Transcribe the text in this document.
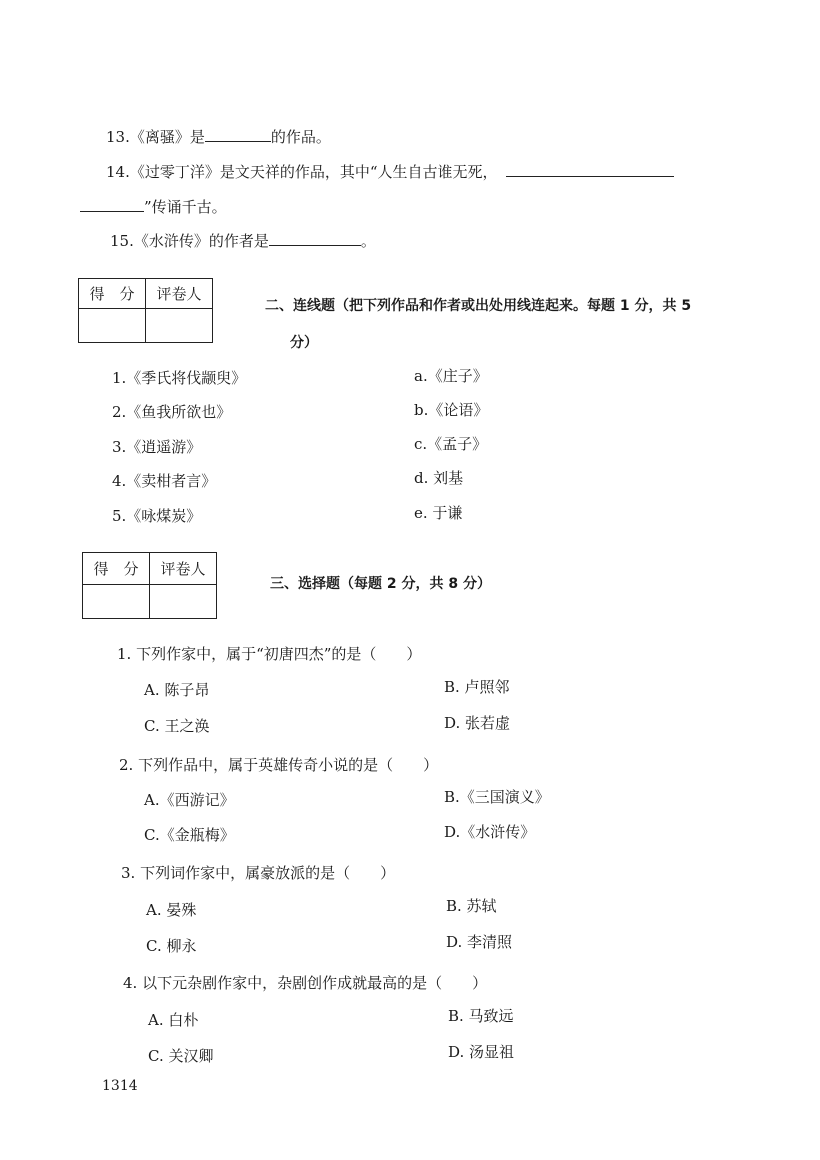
13.《离骚》是	的作品。
14.《过零丁洋》是文天祥的作品，其中“人生自古谁无死，
”传诵千古。
15.《水浒传》的作者是	。
得　分	评卷人

二、连线题（把下列作品和作者或出处用线连起来。每题 1 分，共 5
分）
1.《季氏将伐颛臾》
2.《鱼我所欲也》
3.《逍遥游》
4.《卖柑者言》
5.《咏煤炭》
a.《庄子》
b.《论语》
c.《孟子》
d. 刘基
e. 于谦
得　分	评卷人

三、选择题（每题 2 分，共 8 分）
1. 下列作家中，属于“初唐四杰”的是（　　）
A. 陈子昂	B. 卢照邻
C. 王之涣	D. 张若虚
2. 下列作品中，属于英雄传奇小说的是（　　）
A.《西游记》	B.《三国演义》
C.《金瓶梅》	D.《水浒传》
3. 下列词作家中，属豪放派的是（　　）
A. 晏殊	B. 苏轼
C. 柳永	D. 李清照
4. 以下元杂剧作家中，杂剧创作成就最高的是（　　）
A. 白朴	B. 马致远
C. 关汉卿	D. 汤显祖
1314
